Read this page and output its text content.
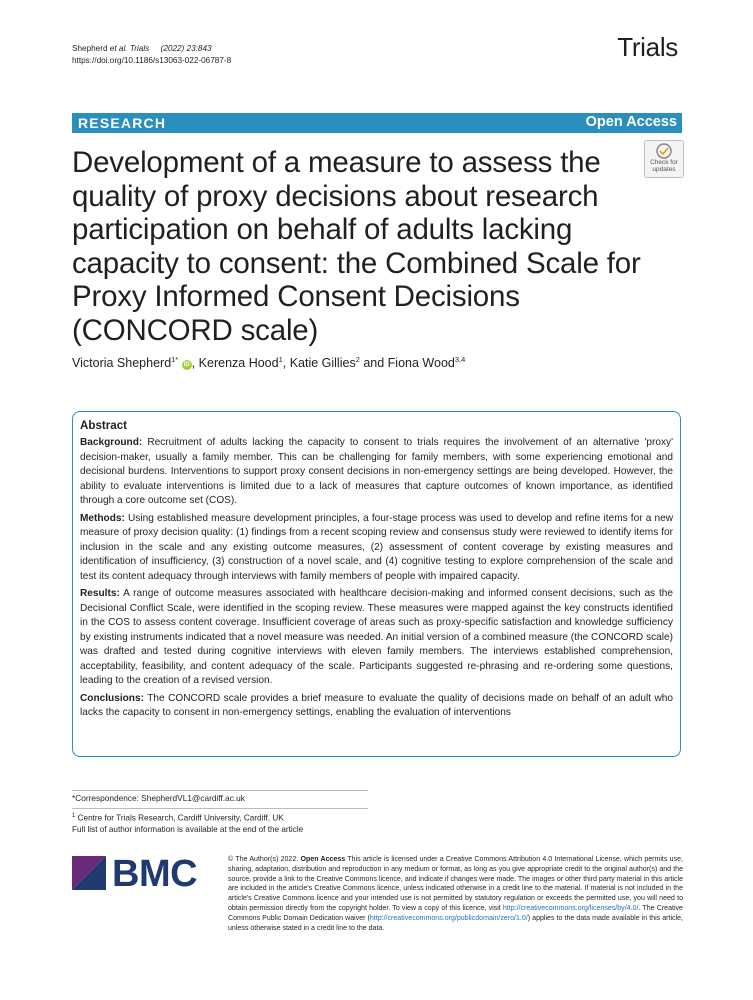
Shepherd et al. Trials (2022) 23:843
https://doi.org/10.1186/s13063-022-06787-8	Trials
RESEARCH	Open Access
Check for updates
Development of a measure to assess the quality of proxy decisions about research participation on behalf of adults lacking capacity to consent: the Combined Scale for Proxy Informed Consent Decisions (CONCORD scale)
Victoria Shepherd$^{1*}$ iD , Kerenza Hood$^1$, Katie Gillies$^2$ and Fiona Wood$^{3,4}$
Abstract

Background: Recruitment of adults lacking the capacity to consent to trials requires the involvement of an alternative 'proxy' decision-maker, usually a family member. This can be challenging for family members, with some experiencing emotional and decisional burdens. Interventions to support proxy consent decisions in non-emergency settings are being developed. However, the ability to evaluate interventions is limited due to a lack of measures that capture outcomes of known importance, as identified through a core outcome set (COS).

Methods: Using established measure development principles, a four-stage process was used to develop and refine items for a new measure of proxy decision quality: (1) findings from a recent scoping review and consensus study were reviewed to identify items for inclusion in the scale and any existing outcome measures, (2) assessment of content coverage by existing measures and identification of insufficiency, (3) construction of a novel scale, and (4) cognitive testing to explore comprehension of the scale and test its content adequacy through interviews with family members of people with impaired capacity.

Results: A range of outcome measures associated with healthcare decision-making and informed consent decisions, such as the Decisional Conflict Scale, were identified in the scoping review. These measures were mapped against the key constructs identified in the COS to assess content coverage. Insufficient coverage of areas such as proxy-specific satisfaction and knowledge sufficiency by existing instruments indicated that a novel measure was needed. An initial version of a combined measure (the CONCORD scale) was drafted and tested during cognitive interviews with eleven family members. The interviews established comprehension, acceptability, feasibility, and content adequacy of the scale. Participants suggested re-phrasing and re-ordering some questions, leading to the creation of a revised version.

Conclusions: The CONCORD scale provides a brief measure to evaluate the quality of decisions made on behalf of an adult who lacks the capacity to consent in non-emergency settings, enabling the evaluation of interventions

*Correspondence: ShepherdVL1@cardiff.ac.uk
$^1$ Centre for Trials Research, Cardiff University, Cardiff, UK
Full list of author information is available at the end of the article
BMC	© The Author(s) 2022. Open Access This article is licensed under a Creative Commons Attribution 4.0 International License, which permits use, sharing, adaptation, distribution and reproduction in any medium or format, as long as you give appropriate credit to the original author(s) and the source, provide a link to the Creative Commons licence, and indicate if changes were made. The images or other third party material in this article are included in the article's Creative Commons licence, unless indicated otherwise in a credit line to the material. If material is not included in the article's Creative Commons licence and your intended use is not permitted by statutory regulation or exceeds the permitted use, you will need to obtain permission directly from the copyright holder. To view a copy of this licence, visit http://creativecommons.org/licenses/by/4.0/. The Creative Commons Public Domain Dedication waiver (http://creativecommons.org/publicdomain/zero/1.0/) applies to the data made available in this article, unless otherwise stated in a credit line to the data.
